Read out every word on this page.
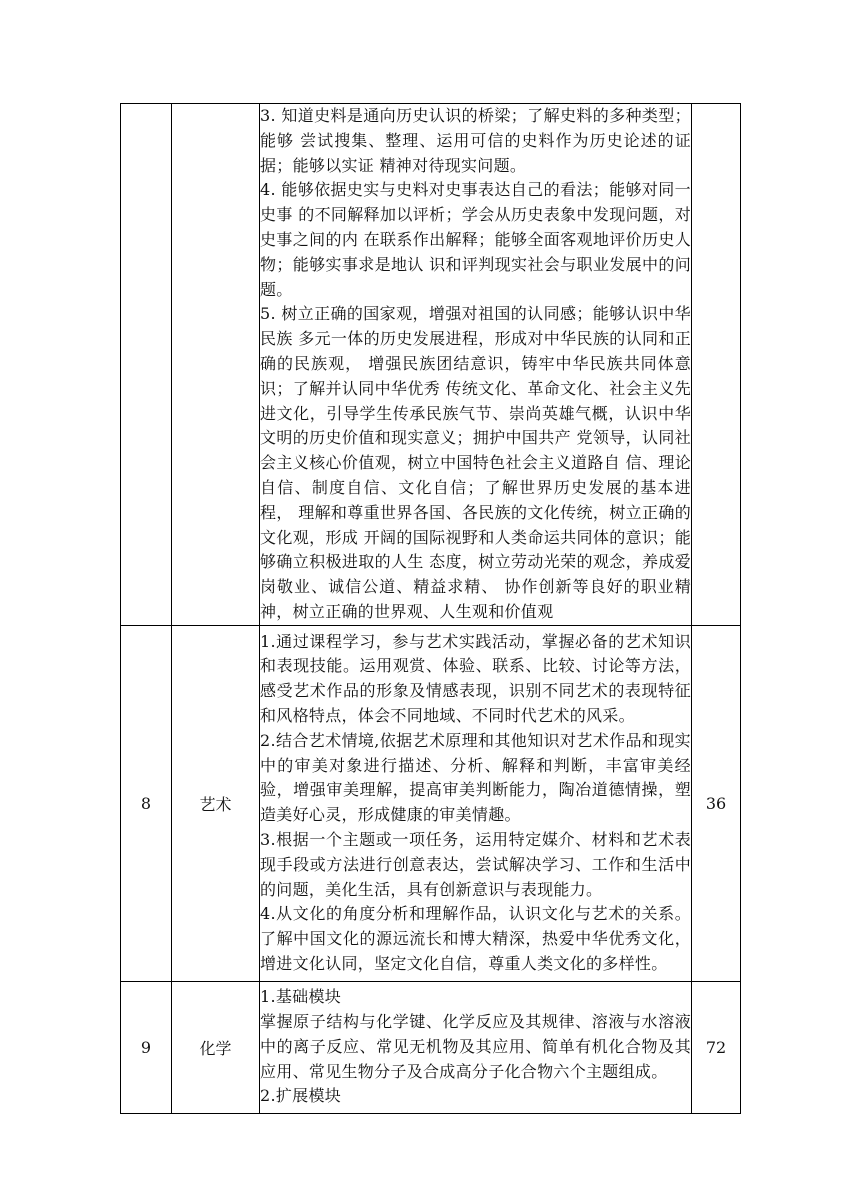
		3. 知道史料是通向历史认识的桥梁；了解史料的多种类型；能够 尝试搜集、整理、运用可信的史料作为历史论述的证据；能够以实证 精神对待现实问题。

4. 能够依据史实与史料对史事表达自己的看法；能够对同一史事 的不同解释加以评析；学会从历史表象中发现问题，对史事之间的内 在联系作出解释；能够全面客观地评价历史人物；能够实事求是地认 识和评判现实社会与职业发展中的问题。

5. 树立正确的国家观，增强对祖国的认同感；能够认识中华民族 多元一体的历史发展进程，形成对中华民族的认同和正确的民族观， 增强民族团结意识，铸牢中华民族共同体意识；了解并认同中华优秀 传统文化、革命文化、社会主义先进文化，引导学生传承民族气节、崇尚英雄气概，认识中华文明的历史价值和现实意义；拥护中国共产 党领导，认同社会主义核心价值观，树立中国特色社会主义道路自 信、理论自信、制度自信、文化自信；了解世界历史发展的基本进程， 理解和尊重世界各国、各民族的文化传统，树立正确的文化观，形成 开阔的国际视野和人类命运共同体的意识；能够确立积极进取的人生 态度，树立劳动光荣的观念，养成爱岗敬业、诚信公道、精益求精、 协作创新等良好的职业精神，树立正确的世界观、人生观和价值观	

8	艺术	1.通过课程学习，参与艺术实践活动，掌握必备的艺术知识和表现技能。运用观赏、体验、联系、比较、讨论等方法，感受艺术作品的形象及情感表现，识别不同艺术的表现特征和风格特点，体会不同地域、不同时代艺术的风采。

2.结合艺术情境,依据艺术原理和其他知识对艺术作品和现实中的审美对象进行描述、分析、解释和判断，丰富审美经验，增强审美理解，提高审美判断能力，陶冶道德情操，塑造美好心灵，形成健康的审美情趣。

3.根据一个主题或一项任务，运用特定媒介、材料和艺术表现手段或方法进行创意表达，尝试解决学习、工作和生活中的问题，美化生活，具有创新意识与表现能力。

4.从文化的角度分析和理解作品，认识文化与艺术的关系。了解中国文化的源远流长和博大精深，热爱中华优秀文化，增进文化认同，坚定文化自信，尊重人类文化的多样性。	36
9	化学	1.基础模块

掌握原子结构与化学键、化学反应及其规律、溶液与水溶液中的离子反应、常见无机物及其应用、简单有机化合物及其应用、常见生物分子及合成高分子化合物六个主题组成。

2.扩展模块	72
